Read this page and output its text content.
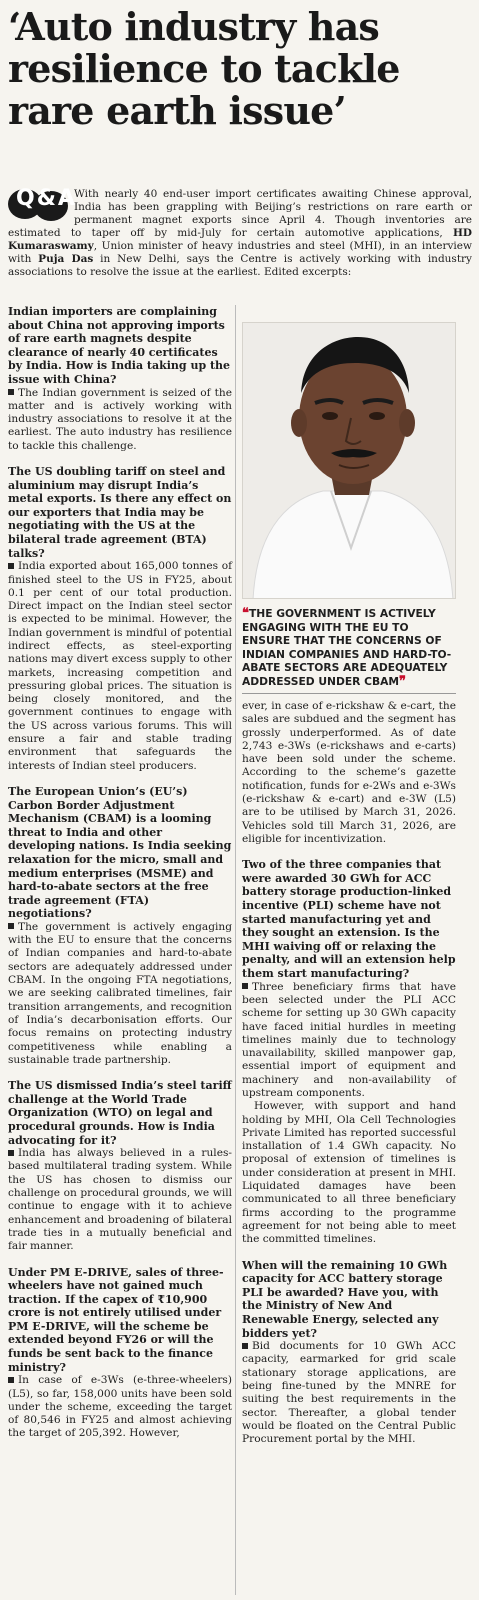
‘Auto industry has
resilience to tackle
rare earth issue’
Q&A

With nearly 40 end-user import certificates awaiting Chinese approval, India has been grappling with Beijing’s restrictions on rare earth or permanent magnet exports since April 4. Though inventories are estimated to taper off by mid-July for certain automotive applications, HD Kumaraswamy, Union minister of heavy industries and steel (MHI), in an interview with Puja Das in New Delhi, says the Centre is actively working with industry associations to resolve the issue at the earliest. Edited excerpts:

Indian importers are complaining about China not approving imports of rare earth magnets despite clearance of nearly 40 certificates by India. How is India taking up the issue with China?
The Indian government is seized of the matter and is actively working with industry associations to resolve it at the earliest. The auto industry has resilience to tackle this challenge.
The US doubling tariff on steel and aluminium may disrupt India’s metal exports. Is there any effect on our exporters that India may be negotiating with the US at the bilateral trade agreement (BTA) talks?
India exported about 165,000 tonnes of finished steel to the US in FY25, about 0.1 per cent of our total production. Direct impact on the Indian steel sector is expected to be minimal. However, the Indian government is mindful of potential indirect effects, as steel-exporting nations may divert excess supply to other markets, increasing competition and pressuring global prices. The situation is being closely monitored, and the government continues to engage with the US across various forums. This will ensure a fair and stable trading environment that safeguards the interests of Indian steel producers.
The European Union’s (EU’s) Carbon Border Adjustment Mechanism (CBAM) is a looming threat to India and other developing nations. Is India seeking relaxation for the micro, small and medium enterprises (MSME) and hard-to-abate sectors at the free trade agreement (FTA) negotiations?
The government is actively engaging with the EU to ensure that the concerns of Indian companies and hard-to-abate sectors are adequately addressed under CBAM. In the ongoing FTA negotiations, we are seeking calibrated timelines, fair transition arrangements, and recognition of India’s decarbonisation efforts. Our focus remains on protecting industry competitiveness while enabling a sustainable trade partnership.
The US dismissed India’s steel tariff challenge at the World Trade Organization (WTO) on legal and procedural grounds. How is India advocating for it?
India has always believed in a rules-based multilateral trading system. While the US has chosen to dismiss our challenge on procedural grounds, we will continue to engage with it to achieve enhancement and broadening of bilateral trade ties in a mutually beneficial and fair manner.
Under PM E-DRIVE, sales of three-wheelers have not gained much traction. If the capex of ₹10,900 crore is not entirely utilised under PM E-DRIVE, will the scheme be extended beyond FY26 or will the funds be sent back to the finance ministry?
In case of e-3Ws (e-three-wheelers) (L5), so far, 158,000 units have been sold under the scheme, exceeding the target of 80,546 in FY25 and almost achieving the target of 205,392. However,
❝THE GOVERNMENT IS ACTIVELY ENGAGING WITH THE EU TO ENSURE THAT THE CONCERNS OF INDIAN COMPANIES AND HARD-TO-ABATE SECTORS ARE ADEQUATELY ADDRESSED UNDER CBAM❞
ever, in case of e-rickshaw & e-cart, the sales are subdued and the segment has grossly underperformed. As of date 2,743 e-3Ws (e-rickshaws and e-carts) have been sold under the scheme. According to the scheme’s gazette notification, funds for e-2Ws and e-3Ws (e-rickshaw & e-cart) and e-3W (L5) are to be utilised by March 31, 2026. Vehicles sold till March 31, 2026, are eligible for incentivization.
Two of the three companies that were awarded 30 GWh for ACC battery storage production-linked incentive (PLI) scheme have not started manufacturing yet and they sought an extension. Is the MHI waiving off or relaxing the penalty, and will an extension help them start manufacturing?
Three beneficiary firms that have been selected under the PLI ACC scheme for setting up 30 GWh capacity have faced initial hurdles in meeting timelines mainly due to technology unavailability, skilled manpower gap, essential import of equipment and machinery and non-availability of upstream components.
However, with support and hand holding by MHI, Ola Cell Technologies Private Limited has reported successful installation of 1.4 GWh capacity. No proposal of extension of timelines is under consideration at present in MHI. Liquidated damages have been communicated to all three beneficiary firms according to the programme agreement for not being able to meet the committed timelines.
When will the remaining 10 GWh capacity for ACC battery storage PLI be awarded? Have you, with the Ministry of New And Renewable Energy, selected any bidders yet?
Bid documents for 10 GWh ACC capacity, earmarked for grid scale stationary storage applications, are being fine-tuned by the MNRE for suiting the best requirements in the sector. Thereafter, a global tender would be floated on the Central Public Procurement portal by the MHI.
